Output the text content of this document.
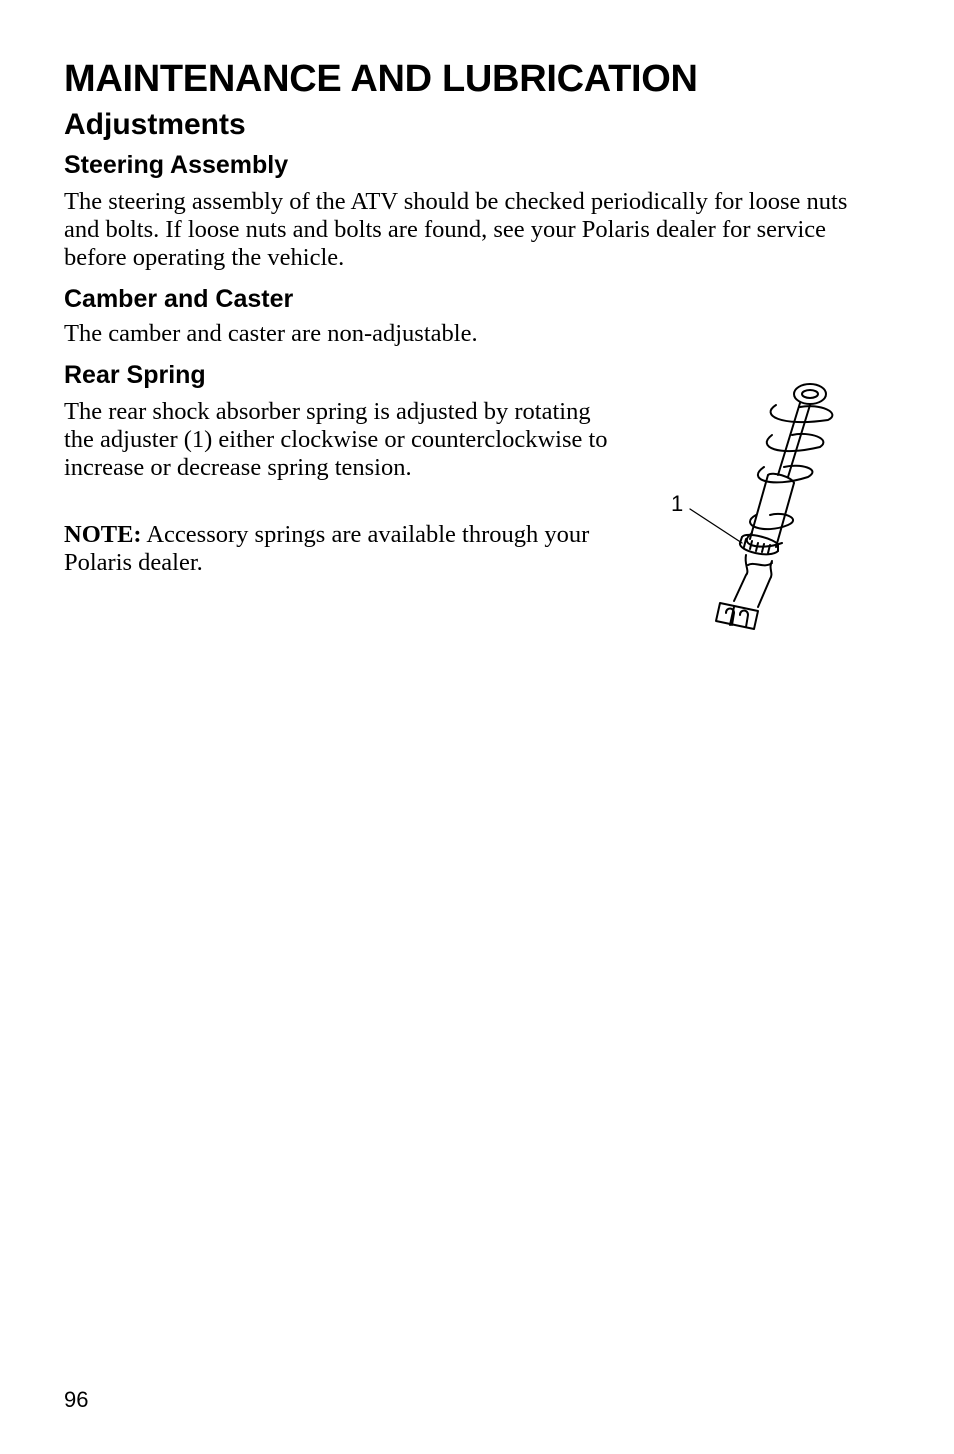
MAINTENANCE AND LUBRICATION
Adjustments
Steering Assembly

The steering assembly of the ATV should be checked periodically for loose nuts and bolts. If loose nuts and bolts are found, see your Polaris dealer for service before operating the vehicle.

Camber and Caster

The camber and caster are non-adjustable.

Rear Spring

The rear shock absorber spring is adjusted by rotating the adjuster (1) either clockwise or counterclockwise to increase or decrease spring tension.

NOTE: Accessory springs are available through your Polaris dealer.

1
96
